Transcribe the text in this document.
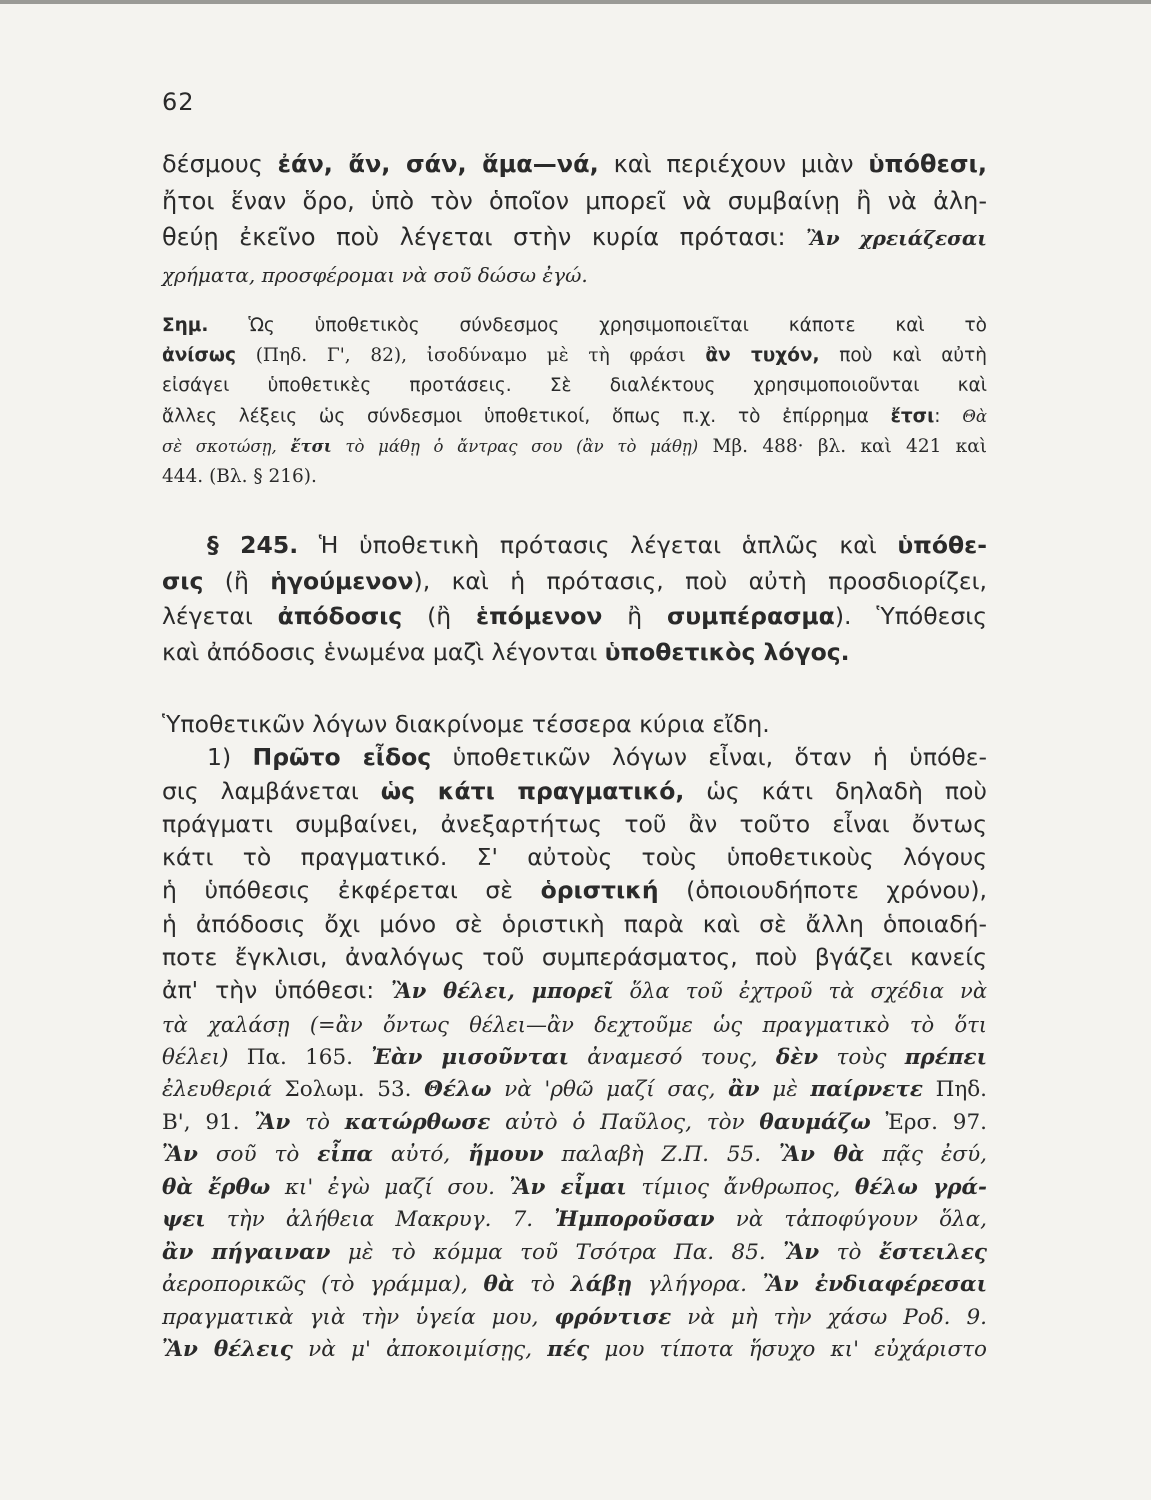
62
δέσμους ἐάν, ἄν, σάν, ἅμα—νά, καὶ περιέχουν μιὰν ὑπόθεσι,
ἤτοι ἕναν ὅρο, ὑπὸ τὸν ὁποῖον μπορεῖ νὰ συμβαίνῃ ἢ νὰ ἀλη-
θεύῃ ἐκεῖνο ποὺ λέγεται στὴν κυρία πρότασι: Ἂν χρειάζεσαι
χρήματα, προσφέρομαι νὰ σοῦ δώσω ἐγώ.
Σημ. Ὡς ὑποθετικὸς σύνδεσμος χρησιμοποιεῖται κάποτε καὶ τὸ
ἀνίσως (Πηδ. Γ', 82), ἰσοδύναμο μὲ τὴ φράσι ἂν τυχόν, ποὺ καὶ αὐτὴ
εἰσάγει ὑποθετικὲς προτάσεις. Σὲ διαλέκτους χρησιμοποιοῦνται καὶ
ἄλλες λέξεις ὡς σύνδεσμοι ὑποθετικοί, ὅπως π.χ. τὸ ἐπίρρημα ἔτσι: Θὰ
σὲ σκοτώσῃ, ἔτσι τὸ μάθῃ ὁ ἄντρας σου (ἂν τὸ μάθῃ) Μβ. 488· βλ. καὶ 421 καὶ
444. (Βλ. § 216).
§ 245. Ἡ ὑποθετικὴ πρότασις λέγεται ἁπλῶς καὶ ὑπόθε-
σις (ἢ ἡγούμενον), καὶ ἡ πρότασις, ποὺ αὐτὴ προσδιορίζει,
λέγεται ἀπόδοσις (ἢ ἑπόμενον ἢ συμπέρασμα). Ὑπόθεσις
καὶ ἀπόδοσις ἑνωμένα μαζὶ λέγονται ὑποθετικὸς λόγος.
Ὑποθετικῶν λόγων διακρίνομε τέσσερα κύρια εἴδη.
1) Πρῶτο εἶδος ὑποθετικῶν λόγων εἶναι, ὅταν ἡ ὑπόθε-
σις λαμβάνεται ὡς κάτι πραγματικό, ὡς κάτι δηλαδὴ ποὺ
πράγματι συμβαίνει, ἀνεξαρτήτως τοῦ ἂν τοῦτο εἶναι ὄντως
κάτι τὸ πραγματικό. Σ' αὐτοὺς τοὺς ὑποθετικοὺς λόγους
ἡ ὑπόθεσις ἐκφέρεται σὲ ὁριστική (ὁποιουδήποτε χρόνου),
ἡ ἀπόδοσις ὄχι μόνο σὲ ὁριστικὴ παρὰ καὶ σὲ ἄλλη ὁποιαδή-
ποτε ἔγκλισι, ἀναλόγως τοῦ συμπεράσματος, ποὺ βγάζει κανείς
ἀπ' τὴν ὑπόθεσι: Ἂν θέλει, μπορεῖ ὅλα τοῦ ἐχτροῦ τὰ σχέδια νὰ
τὰ χαλάσῃ (=ἂν ὄντως θέλει—ἂν δεχτοῦμε ὡς πραγματικὸ τὸ ὅτι
θέλει) Πα. 165. Ἐὰν μισοῦνται ἀναμεσό τους, δὲν τοὺς πρέπει
ἐλευθεριά Σολωμ. 53. Θέλω νὰ 'ρθῶ μαζί σας, ἂν μὲ παίρνετε Πηδ.
Β', 91. Ἂν τὸ κατώρθωσε αὐτὸ ὁ Παῦλος, τὸν θαυμάζω Ἐρσ. 97.
Ἂν σοῦ τὸ εἶπα αὐτό, ἤμουν παλαβὴ Ζ.Π. 55. Ἂν θὰ πᾷς ἐσύ,
θὰ ἔρθω κι' ἐγὼ μαζί σου. Ἂν εἶμαι τίμιος ἄνθρωπος, θέλω γρά-
ψει τὴν ἀλήθεια Μακρυγ. 7. Ἠμποροῦσαν νὰ τἀποφύγουν ὅλα,
ἂν πήγαιναν μὲ τὸ κόμμα τοῦ Τσότρα Πα. 85. Ἂν τὸ ἔστειλες
ἀεροπορικῶς (τὸ γράμμα), θὰ τὸ λάβῃ γλήγορα. Ἂν ἐνδιαφέρεσαι
πραγματικὰ γιὰ τὴν ὑγεία μου, φρόντισε νὰ μὴ τὴν χάσω Ροδ. 9.
Ἂν θέλεις νὰ μ' ἀποκοιμίσῃς, πές μου τίποτα ἥσυχο κι' εὐχάριστο
